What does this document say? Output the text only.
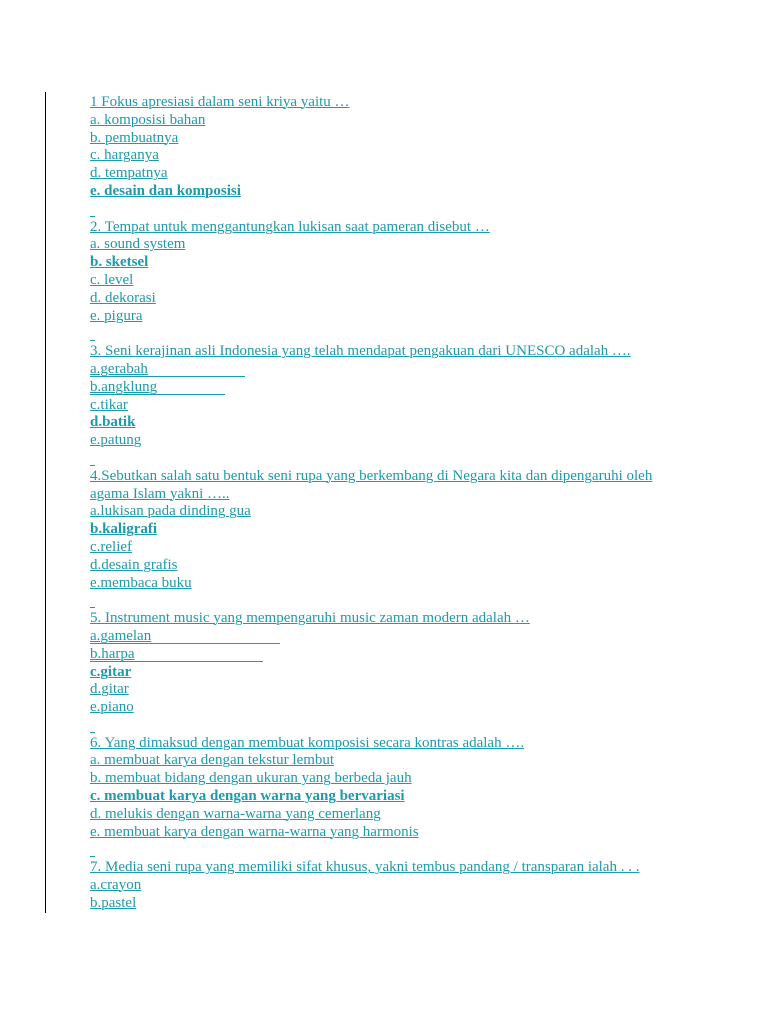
1 Fokus apresiasi dalam seni kriya yaitu …
a. komposisi bahan
b. pembuatnya
c. harganya
d. tempatnya
e. desain dan komposisi
2. Tempat untuk menggantungkan lukisan saat pameran disebut …
a. sound system
b. sketsel
c. level
d. dekorasi
e. pigura
3. Seni kerajinan asli Indonesia yang telah mendapat pengakuan dari UNESCO adalah ….
a.gerabah
b.angklung
c.tikar
d.batik
e.patung
4.Sebutkan salah satu bentuk seni rupa yang berkembang di Negara kita dan dipengaruhi oleh agama Islam yakni …..
a.lukisan pada dinding gua
b.kaligrafi
c.relief
d.desain grafis
e.membaca buku
5. Instrument music yang mempengaruhi music zaman modern adalah …
a.gamelan
b.harpa
c.gitar
d.gitar
e.piano
6. Yang dimaksud dengan membuat komposisi secara kontras adalah ….
a. membuat karya dengan tekstur lembut
b. membuat bidang dengan ukuran yang berbeda jauh
c. membuat karya dengan warna yang bervariasi
d. melukis dengan warna-warna yang cemerlang
e. membuat karya dengan warna-warna yang harmonis
7. Media seni rupa yang memiliki sifat khusus, yakni tembus pandang / transparan ialah . . .
a.crayon
b.pastel
